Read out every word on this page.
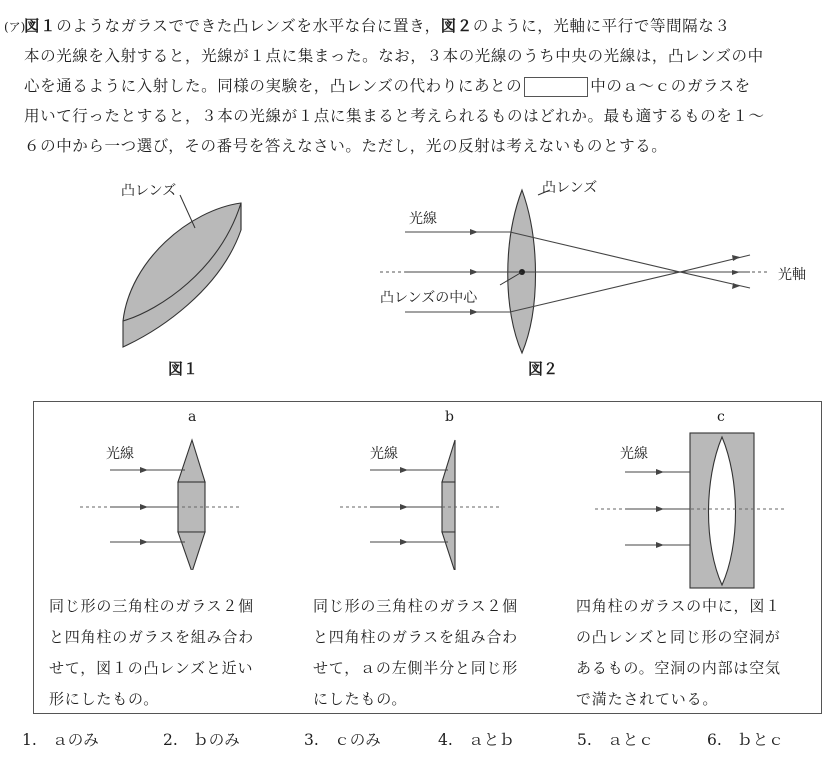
(ア)
図１のようなガラスでできた凸レンズを水平な台に置き，図２のように，光軸に平行で等間隔な３
本の光線を入射すると，光線が１点に集まった。なお，３本の光線のうち中央の光線は，凸レンズの中
心を通るように入射した。同様の実験を，凸レンズの代わりにあとの	中のａ～ｃのガラスを
用いて行ったとすると，３本の光線が１点に集まると考えられるものはどれか。最も適するものを１～
６の中から一つ選び，その番号を答えなさい。ただし，光の反射は考えないものとする。
凸レンズ
図１
凸レンズ
光線
凸レンズの中心
光軸
図２
a
光線
同じ形の三角柱のガラス２個
と四角柱のガラスを組み合わ
せて，図１の凸レンズと近い
形にしたもの。
b
光線
同じ形の三角柱のガラス２個
と四角柱のガラスを組み合わ
せて，ａの左側半分と同じ形
にしたもの。
c
光線
四角柱のガラスの中に，図１
の凸レンズと同じ形の空洞が
あるもの。空洞の内部は空気
で満たされている。
1.　ａのみ	2.　ｂのみ	3.　ｃのみ	4.　ａとｂ	5.　ａとｃ	6.　ｂとｃ
